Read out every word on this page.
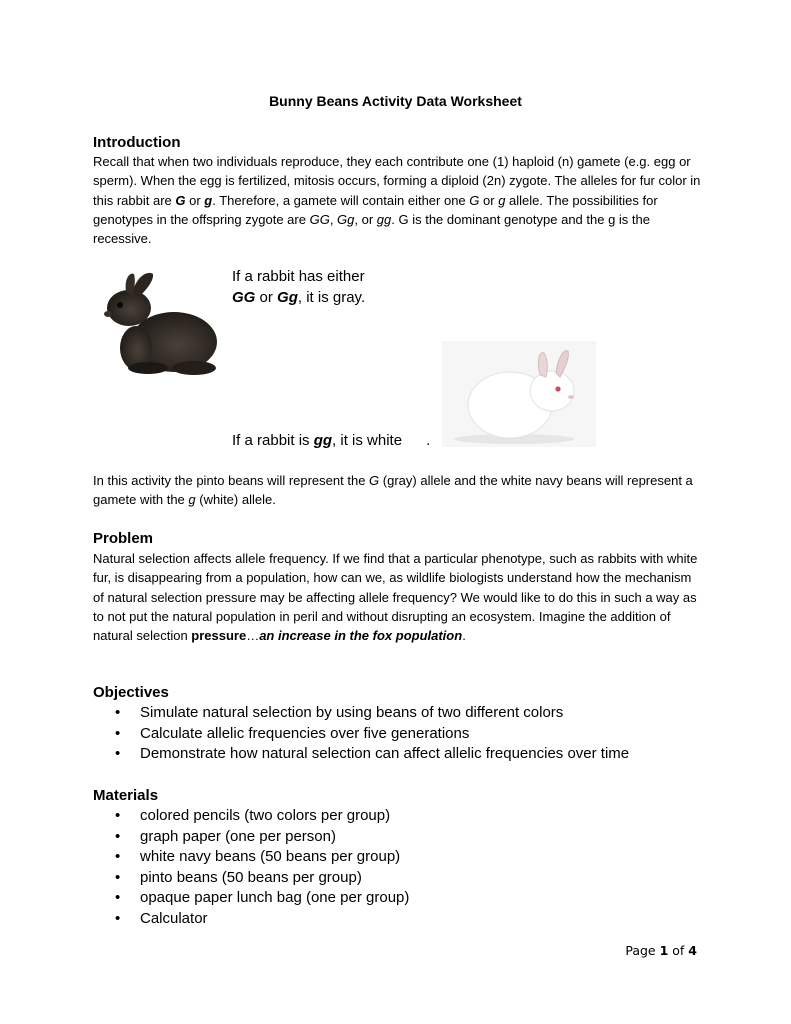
Bunny Beans Activity Data Worksheet
Introduction

Recall that when two individuals reproduce, they each contribute one (1) haploid (n) gamete (e.g. egg or sperm). When the egg is fertilized, mitosis occurs, forming a diploid (2n) zygote. The alleles for fur color in this rabbit are G or g. Therefore, a gamete will contain either one G or g allele. The possibilities for genotypes in the offspring zygote are GG, Gg, or gg. G is the dominant genotype and the g is the recessive.

If a rabbit has either
GG or Gg, it is gray.
If a rabbit is gg, it is white .

In this activity the pinto beans will represent the G (gray) allele and the white navy beans will represent a gamete with the g (white) allele.

Problem

Natural selection affects allele frequency. If we find that a particular phenotype, such as rabbits with white fur, is disappearing from a population, how can we, as wildlife biologists understand how the mechanism of natural selection pressure may be affecting allele frequency? We would like to do this in such a way as to not put the natural population in peril and without disrupting an ecosystem. Imagine the addition of natural selection pressure…an increase in the fox population.

Objectives
• Simulate natural selection by using beans of two different colors
• Calculate allelic frequencies over five generations
• Demonstrate how natural selection can affect allelic frequencies over time
Materials
• colored pencils (two colors per group)
• graph paper (one per person)
• white navy beans (50 beans per group)
• pinto beans (50 beans per group)
• opaque paper lunch bag (one per group)
• Calculator
Page 1 of 4
